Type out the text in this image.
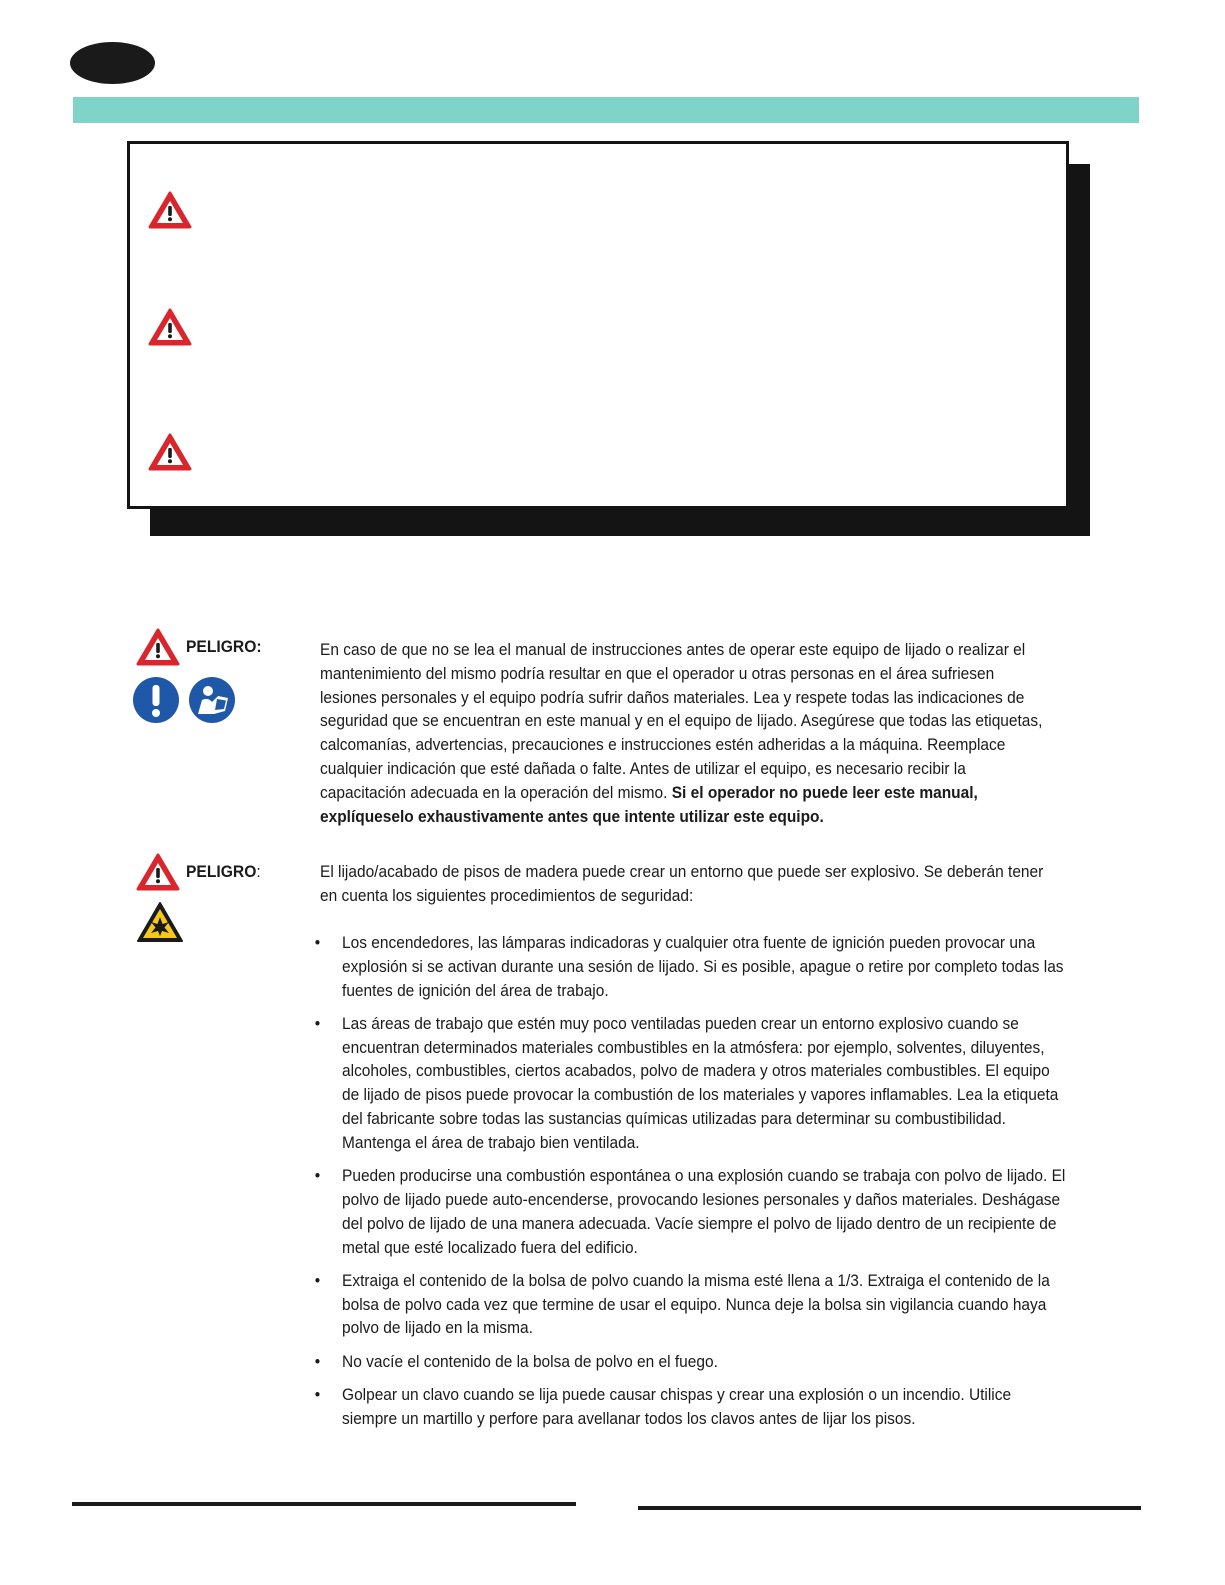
PELIGRO:	En caso de que no se lea el manual de instrucciones antes de operar este equipo de lijado o realizar el mantenimiento del mismo podría resultar en que el operador u otras personas en el área sufriesen lesiones personales y el equipo podría sufrir daños materiales. Lea y respete todas las indicaciones de seguridad que se encuentran en este manual y en el equipo de lijado. Asegúrese que todas las etiquetas, calcomanías, advertencias, precauciones e instrucciones estén adheridas a la máquina. Reemplace cualquier indicación que esté dañada o falte. Antes de utilizar el equipo, es necesario recibir la capacitación adecuada en la operación del mismo. Si el operador no puede leer este manual, explíqueselo exhaustivamente antes que intente utilizar este equipo.
PELIGRO:	El lijado/acabado de pisos de madera puede crear un entorno que puede ser explosivo. Se deberán tener en cuenta los siguientes procedimientos de seguridad:
• Los encendedores, las lámparas indicadoras y cualquier otra fuente de ignición pueden provocar una explosión si se activan durante una sesión de lijado. Si es posible, apague o retire por completo todas las fuentes de ignición del área de trabajo.
• Las áreas de trabajo que estén muy poco ventiladas pueden crear un entorno explosivo cuando se encuentran determinados materiales combustibles en la atmósfera: por ejemplo, solventes, diluyentes, alcoholes, combustibles, ciertos acabados, polvo de madera y otros materiales combustibles. El equipo de lijado de pisos puede provocar la combustión de los materiales y vapores inflamables. Lea la etiqueta del fabricante sobre todas las sustancias químicas utilizadas para determinar su combustibilidad. Mantenga el área de trabajo bien ventilada.
• Pueden producirse una combustión espontánea o una explosión cuando se trabaja con polvo de lijado. El polvo de lijado puede auto-encenderse, provocando lesiones personales y daños materiales. Deshágase del polvo de lijado de una manera adecuada. Vacíe siempre el polvo de lijado dentro de un recipiente de metal que esté localizado fuera del edificio.
• Extraiga el contenido de la bolsa de polvo cuando la misma esté llena a 1/3. Extraiga el contenido de la bolsa de polvo cada vez que termine de usar el equipo. Nunca deje la bolsa sin vigilancia cuando haya polvo de lijado en la misma.
• No vacíe el contenido de la bolsa de polvo en el fuego.
• Golpear un clavo cuando se lija puede causar chispas y crear una explosión o un incendio. Utilice siempre un martillo y perfore para avellanar todos los clavos antes de lijar los pisos.
